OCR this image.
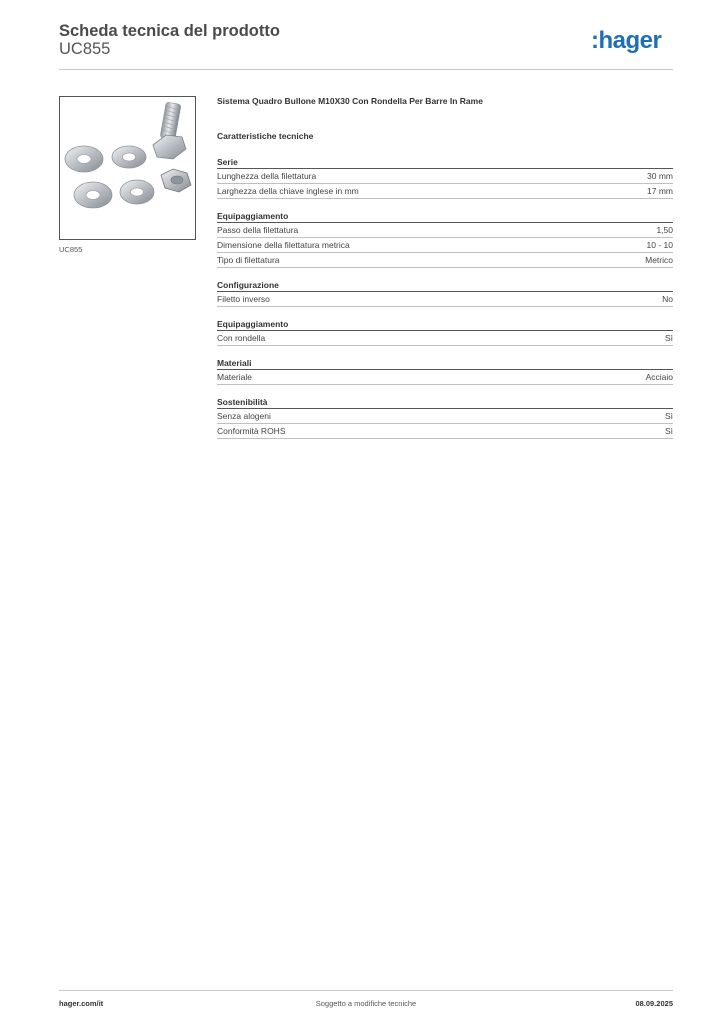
Scheda tecnica del prodotto
UC855	:hager
UC855
Sistema Quadro Bullone M10X30 Con Rondella Per Barre In Rame
Caratteristiche tecniche
Serie
Lunghezza della filettatura	30 mm
Larghezza della chiave inglese in mm	17 mm
Equipaggiamento
Passo della filettatura	1,50
Dimensione della filettatura metrica	10 - 10
Tipo di filettatura	Metrico
Configurazione
Filetto inverso	No
Equipaggiamento
Con rondella	Sì
Materiali
Materiale	Acciaio
Sostenibilità
Senza alogeni	Sì
Conformità ROHS	Sì
hager.com/it	Soggetto a modifiche tecniche	08.09.2025
